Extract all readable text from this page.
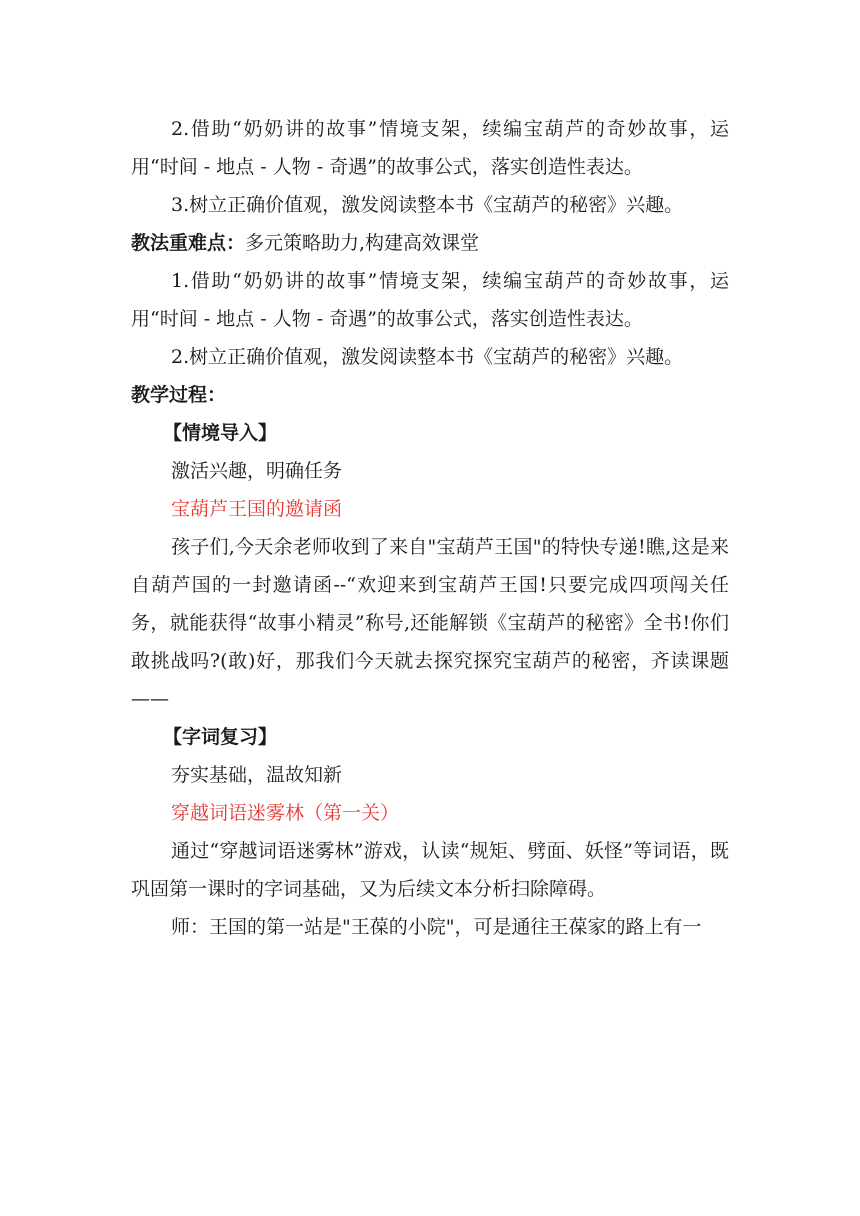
2.借助“奶奶讲的故事”情境支架，续编宝葫芦的奇妙故事，运用“时间 - 地点 - 人物 - 奇遇”的故事公式，落实创造性表达。

3.树立正确价值观，激发阅读整本书《宝葫芦的秘密》兴趣。

教法重难点：多元策略助力,构建高效课堂

1.借助“奶奶讲的故事”情境支架，续编宝葫芦的奇妙故事，运用“时间 - 地点 - 人物 - 奇遇”的故事公式，落实创造性表达。

2.树立正确价值观，激发阅读整本书《宝葫芦的秘密》兴趣。

教学过程：

【情境导入】

激活兴趣，明确任务

宝葫芦王国的邀请函

孩子们,今天余老师收到了来自"宝葫芦王国"的特快专递!瞧,这是来自葫芦国的一封邀请函--“欢迎来到宝葫芦王国!只要完成四项闯关任务，就能获得“故事小精灵”称号,还能解锁《宝葫芦的秘密》全书!你们敢挑战吗?(敢)好，那我们今天就去探究探究宝葫芦的秘密，齐读课题——

【字词复习】

夯实基础，温故知新

穿越词语迷雾林（第一关）

通过“穿越词语迷雾林”游戏，认读“规矩、劈面、妖怪”等词语，既巩固第一课时的字词基础，又为后续文本分析扫除障碍。

师：王国的第一站是"王葆的小院"，可是通往王葆家的路上有一
